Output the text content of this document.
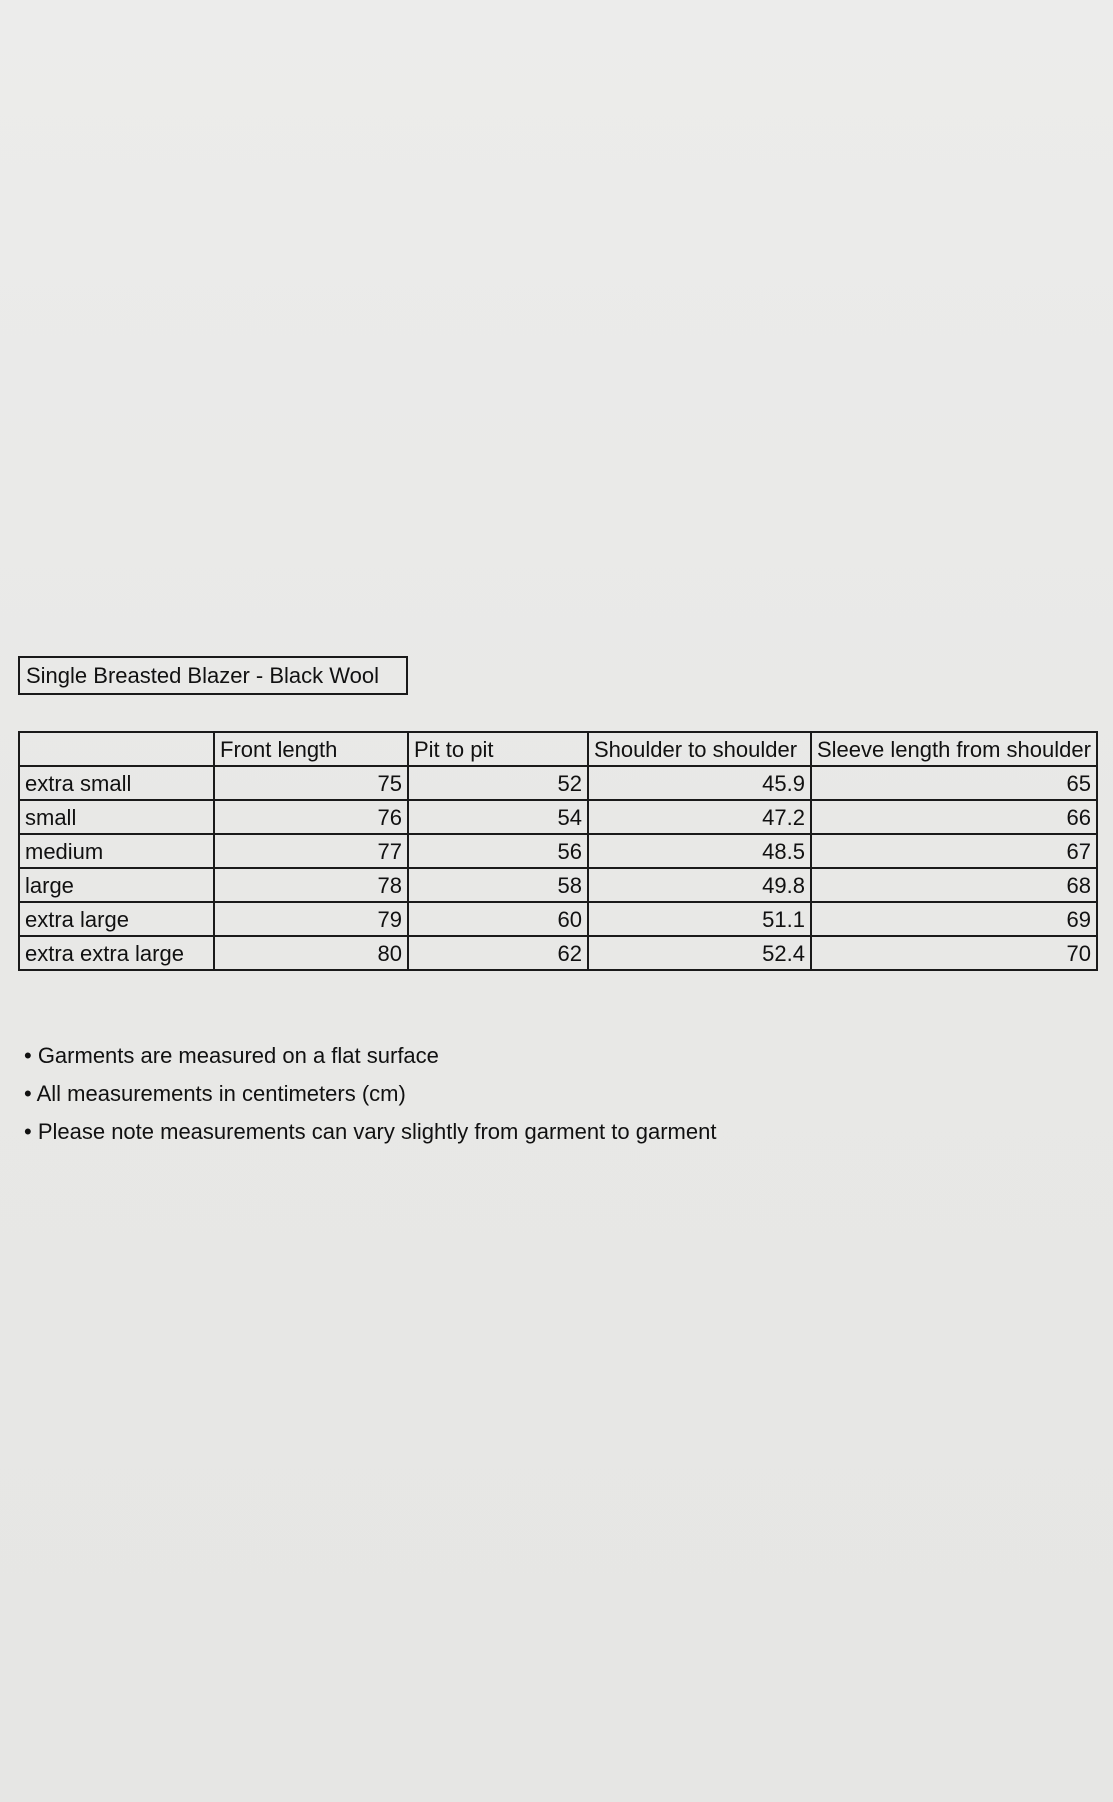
Single Breasted Blazer - Black Wool
	Front length	Pit to pit	Shoulder to shoulder	Sleeve length from shoulder
extra small	75	52	45.9	65
small	76	54	47.2	66
medium	77	56	48.5	67
large	78	58	49.8	68
extra large	79	60	51.1	69
extra extra large	80	62	52.4	70
• Garments are measured on a flat surface
• All measurements in centimeters (cm)
• Please note measurements can vary slightly from garment to garment
